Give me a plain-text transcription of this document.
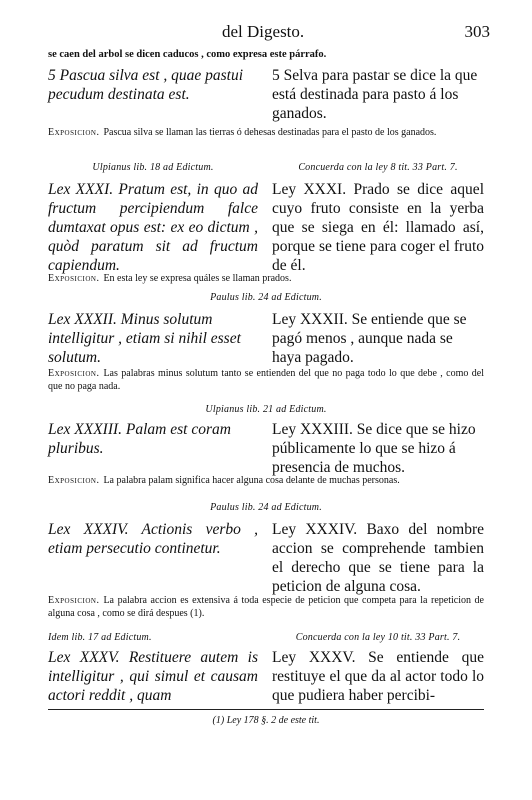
del Digesto.	303
se caen del arbol se dicen caducos , como expresa este párrafo.
5 Pascua silva est , quae pastui pecudum destinata est.
5 Selva para pastar se dice la que está destinada para pasto á los ganados.
Exposicion. Pascua silva se llaman las tierras ó dehesas destinadas para el pasto de los ganados.
Ulpianus lib. 18 ad Edictum.	Concuerda con la ley 8 tit. 33 Part. 7.
Lex XXXI. Pratum est, in quo ad fructum percipiendum falce dumtaxat opus est: ex eo dictum , quòd paratum sit ad fructum capiendum.
Ley XXXI. Prado se dice aquel cuyo fruto consiste en la yerba que se siega en él: llamado así, porque se tiene para coger el fruto de él.
Exposicion. En esta ley se expresa quáles se llaman prados.
Paulus lib. 24 ad Edictum.
Lex XXXII. Minus solutum intelligitur , etiam si nihil esset solutum.
Ley XXXII. Se entiende que se pagó menos , aunque nada se haya pagado.
Exposicion. Las palabras minus solutum tanto se entienden del que no paga todo lo que debe , como del que no paga nada.
Ulpianus lib. 21 ad Edictum.
Lex XXXIII. Palam est coram pluribus.
Ley XXXIII. Se dice que se hizo públicamente lo que se hizo á presencia de muchos.
Exposicion. La palabra palam significa hacer alguna cosa delante de muchas personas.
Paulus lib. 24 ad Edictum.
Lex XXXIV. Actionis verbo , etiam persecutio continetur.
Ley XXXIV. Baxo del nombre accion se comprehende tambien el derecho que se tiene para la peticion de alguna cosa.
Exposicion. La palabra accion es extensiva á toda especie de peticion que competa para la repeticion de alguna cosa , como se dirá despues (1).
Idem lib. 17 ad Edictum.	Concuerda con la ley 10 tit. 33 Part. 7.
Lex XXXV. Restituere autem is intelligitur , qui simul et causam actori reddit , quam
Ley XXXV. Se entiende que restituye el que da al actor todo lo que pudiera haber percibi-
(1) Ley 178 §. 2 de este tit.
